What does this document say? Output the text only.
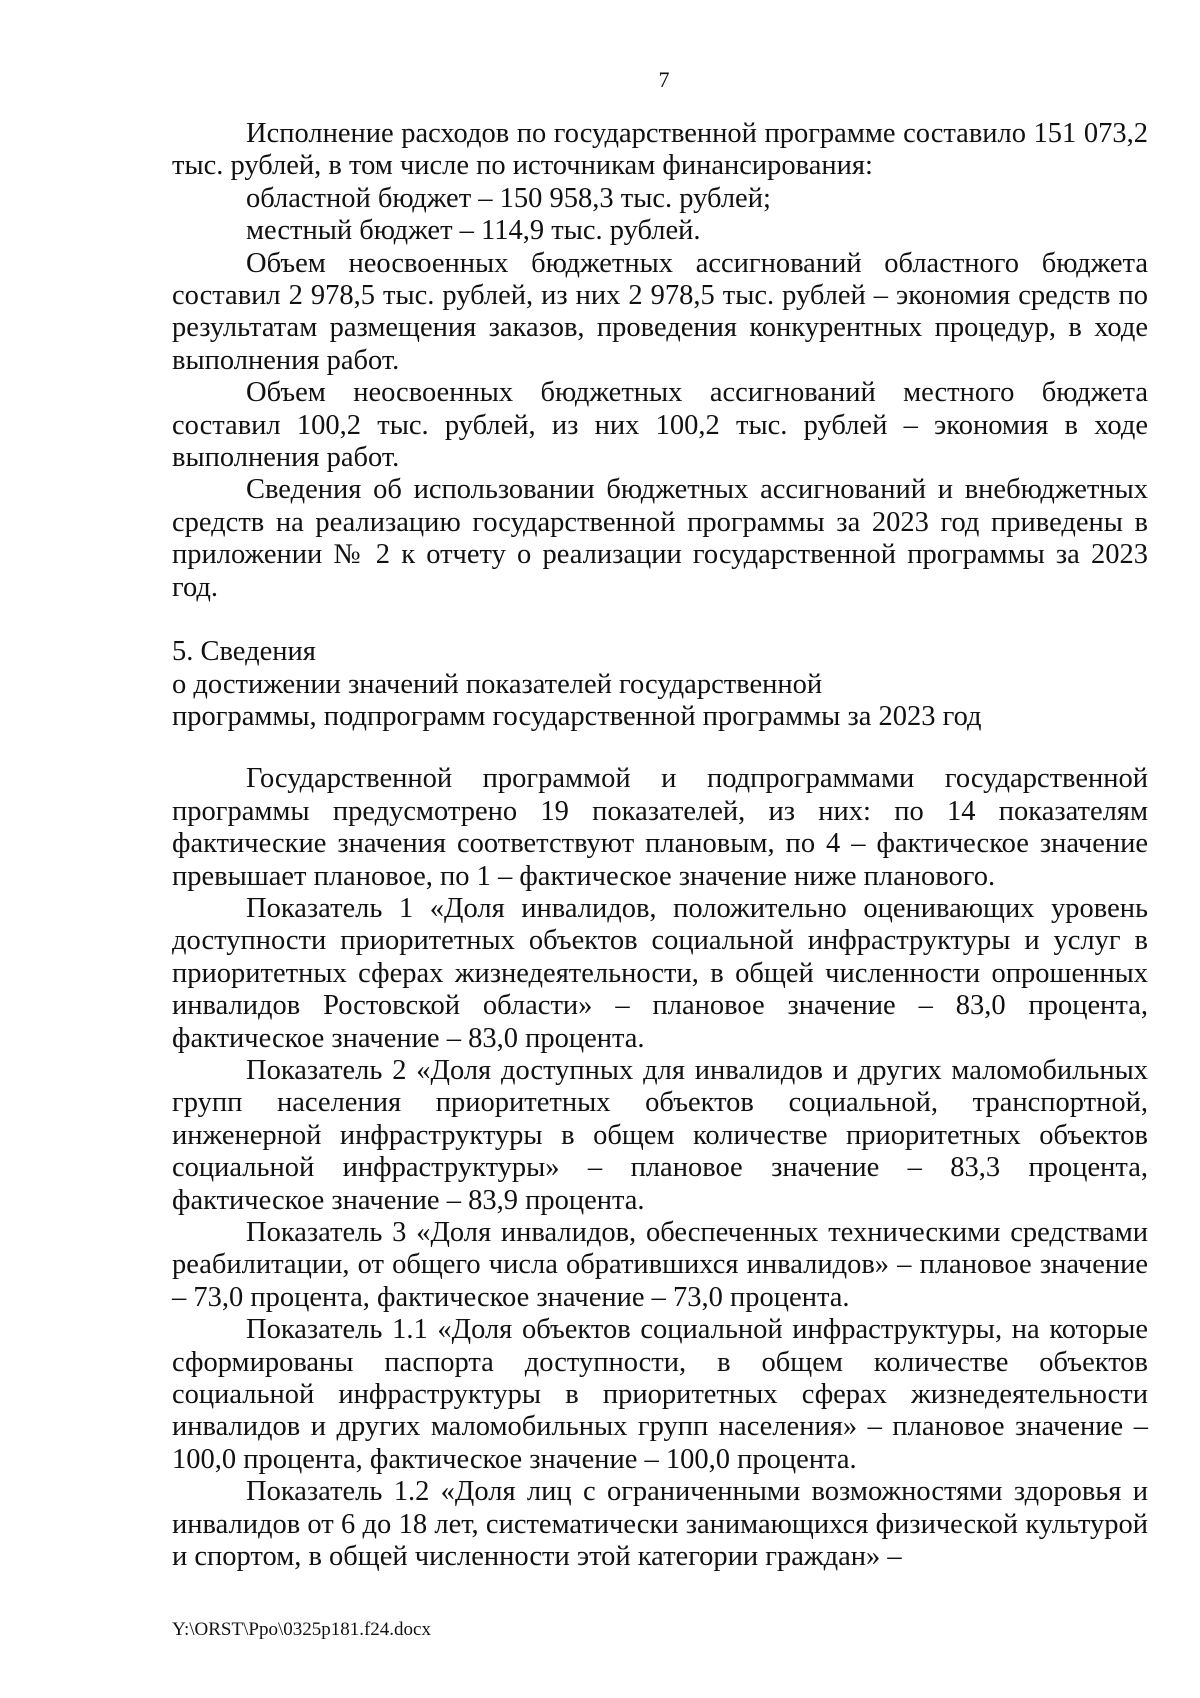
7

Исполнение расходов по государственной программе составило 151 073,2 тыс. рублей, в том числе по источникам финансирования:

областной бюджет – 150 958,3 тыс. рублей;

местный бюджет – 114,9 тыс. рублей.

Объем неосвоенных бюджетных ассигнований областного бюджета составил 2 978,5 тыс. рублей, из них 2 978,5 тыс. рублей – экономия средств по результатам размещения заказов, проведения конкурентных процедур, в ходе выполнения работ.

Объем неосвоенных бюджетных ассигнований местного бюджета составил 100,2 тыс. рублей, из них 100,2 тыс. рублей – экономия в ходе выполнения работ.

Сведения об использовании бюджетных ассигнований и внебюджетных средств на реализацию государственной программы за 2023 год приведены в приложении № 2 к отчету о реализации государственной программы за 2023 год.

5. Сведения

о достижении значений показателей государственной

программы, подпрограмм государственной программы за 2023 год

Государственной программой и подпрограммами государственной программы предусмотрено 19 показателей, из них: по 14 показателям фактические значения соответствуют плановым, по 4 – фактическое значение превышает плановое, по 1 – фактическое значение ниже планового.

Показатель 1 «Доля инвалидов, положительно оценивающих уровень доступности приоритетных объектов социальной инфраструктуры и услуг в приоритетных сферах жизнедеятельности, в общей численности опрошенных инвалидов Ростовской области» – плановое значение – 83,0 процента, фактическое значение – 83,0 процента.

Показатель 2 «Доля доступных для инвалидов и других маломобильных групп населения приоритетных объектов социальной, транспортной, инженерной инфраструктуры в общем количестве приоритетных объектов социальной инфраструктуры» – плановое значение – 83,3 процента, фактическое значение – 83,9 процента.

Показатель 3 «Доля инвалидов, обеспеченных техническими средствами реабилитации, от общего числа обратившихся инвалидов» – плановое значение – 73,0 процента, фактическое значение – 73,0 процента.

Показатель 1.1 «Доля объектов социальной инфраструктуры, на которые сформированы паспорта доступности, в общем количестве объектов социальной инфраструктуры в приоритетных сферах жизнедеятельности инвалидов и других маломобильных групп населения» – плановое значение – 100,0 процента, фактическое значение – 100,0 процента.

Показатель 1.2 «Доля лиц с ограниченными возможностями здоровья и инвалидов от 6 до 18 лет, систематически занимающихся физической культурой и спортом, в общей численности этой категории граждан» –

Y:\ORST\Ppo\0325p181.f24.docx
